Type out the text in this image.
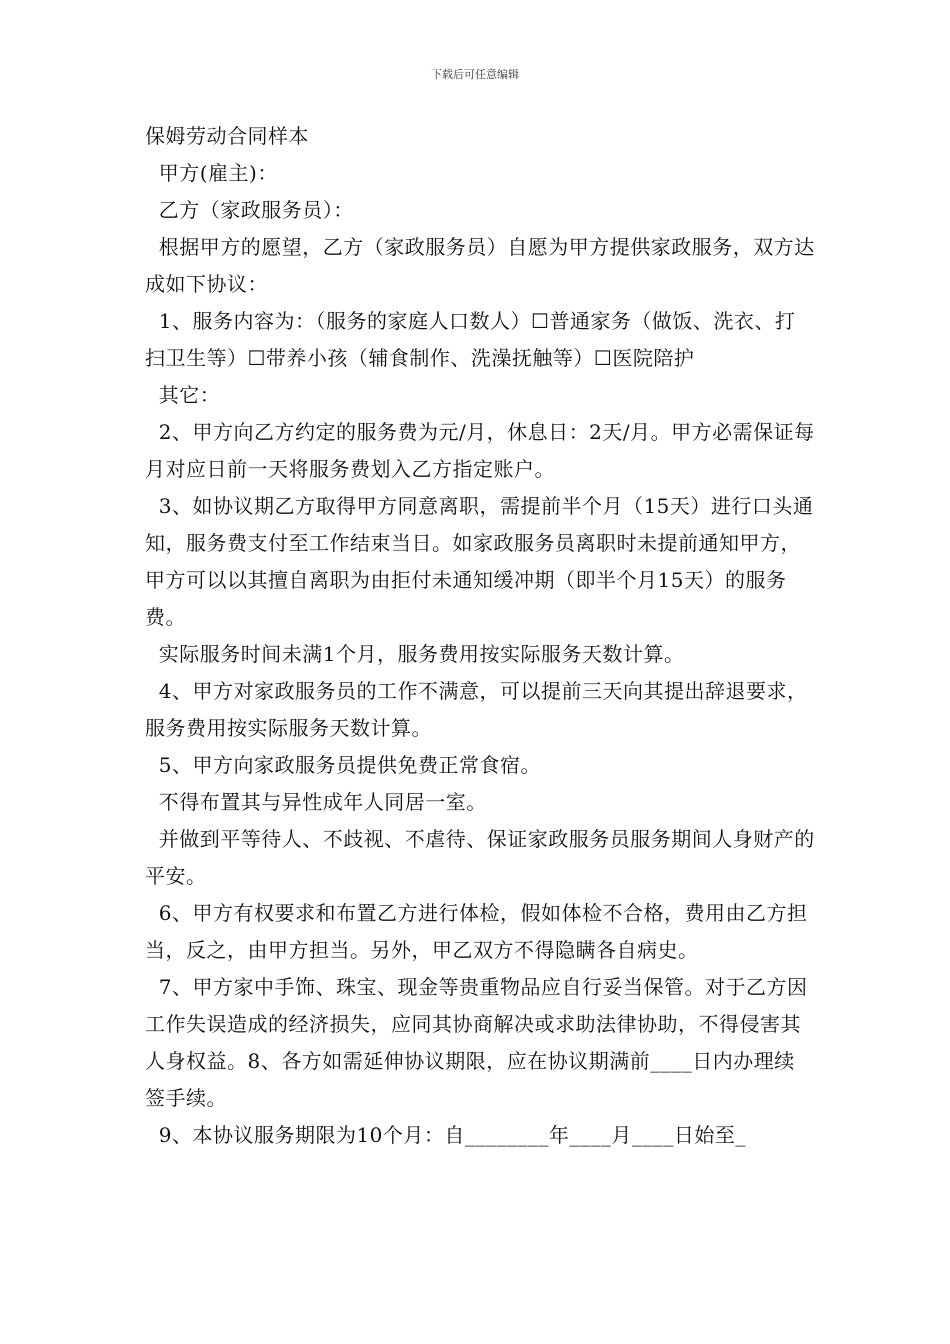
下载后可任意编辑

保姆劳动合同样本

甲方(雇主)：

乙方（家政服务员）：

根据甲方的愿望，乙方（家政服务员）自愿为甲方提供家政服务，双方达成如下协议：

1、服务内容为：（服务的家庭人口数人）☐普通家务（做饭、洗衣、打扫卫生等）☐带养小孩（辅食制作、洗澡抚触等）☐医院陪护

其它：

2、甲方向乙方约定的服务费为元/月，休息日：2天/月。甲方必需保证每月对应日前一天将服务费划入乙方指定账户。

3、如协议期乙方取得甲方同意离职，需提前半个月（15天）进行口头通知，服务费支付至工作结束当日。如家政服务员离职时未提前通知甲方，甲方可以以其擅自离职为由拒付未通知缓冲期（即半个月15天）的服务费。

实际服务时间未满1个月，服务费用按实际服务天数计算。

4、甲方对家政服务员的工作不满意，可以提前三天向其提出辞退要求，服务费用按实际服务天数计算。

5、甲方向家政服务员提供免费正常食宿。

不得布置其与异性成年人同居一室。

并做到平等待人、不歧视、不虐待、保证家政服务员服务期间人身财产的平安。

6、甲方有权要求和布置乙方进行体检，假如体检不合格，费用由乙方担当，反之，由甲方担当。另外，甲乙双方不得隐瞒各自病史。

7、甲方家中手饰、珠宝、现金等贵重物品应自行妥当保管。对于乙方因工作失误造成的经济损失，应同其协商解决或求助法律协助，不得侵害其人身权益。8、各方如需延伸协议期限，应在协议期满前____日内办理续签手续。

9、本协议服务期限为10个月：自________年____月____日始至_
